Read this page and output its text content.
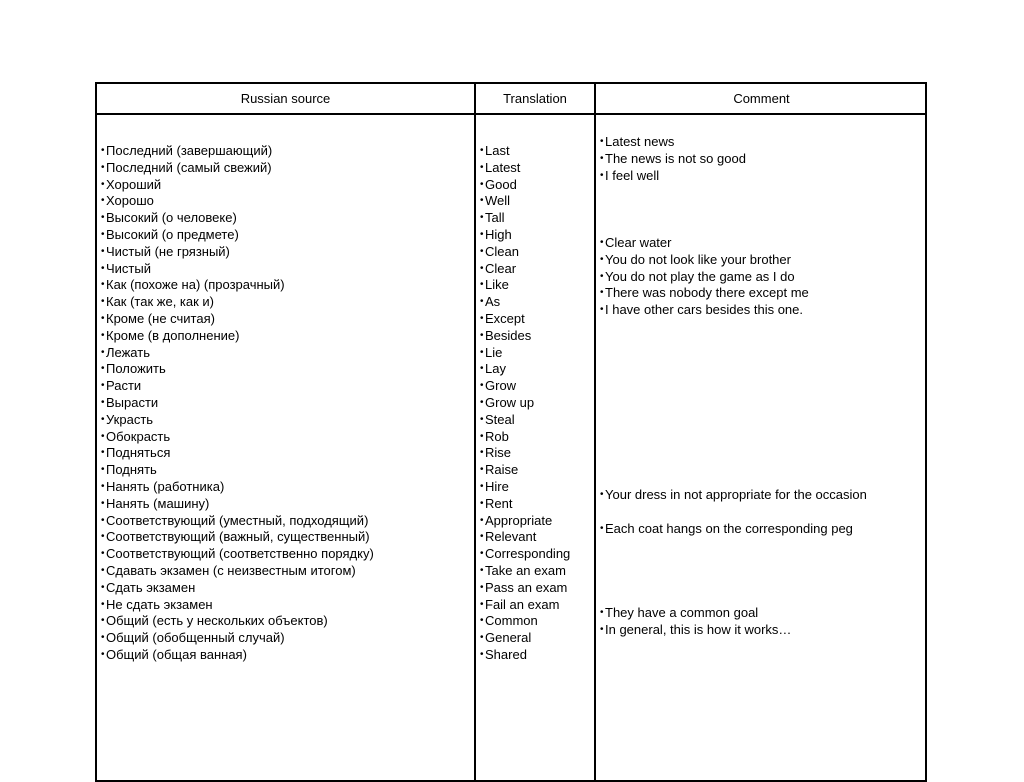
Russian source	Translation	Comment
•Последний (завершающий)
•Последний (самый свежий)
•Хороший
•Хорошо
•Высокий (о человеке)
•Высокий (о предмете)
•Чистый (не грязный)
•Чистый
•Как (похоже на) (прозрачный)
•Как (так же, как и)
•Кроме (не считая)
•Кроме (в дополнение)
•Лежать
•Положить
•Расти
•Вырасти
•Украсть
•Обокрасть
•Подняться
•Поднять
•Нанять (работника)
•Нанять (машину)
•Соответствующий (уместный, подходящий)
•Соответствующий (важный, существенный)
•Соответствующий (соответственно порядку)
•Сдавать экзамен (с неизвестным итогом)
•Сдать экзамен
•Не сдать экзамен
•Общий (есть у нескольких объектов)
•Общий (обобщенный случай)
•Общий (общая ванная)
•Last
•Latest
•Good
•Well
•Tall
•High
•Clean
•Clear
•Like
•As
•Except
•Besides
•Lie
•Lay
•Grow
•Grow up
•Steal
•Rob
•Rise
•Raise
•Hire
•Rent
•Appropriate
•Relevant
•Corresponding
•Take an exam
•Pass an exam
•Fail an exam
•Common
•General
•Shared
•Latest news
•The news is not so good
•I feel well
•Clear water
•You do not look like your brother
•You do not play the game as I do
•There was nobody there except me
•I have other cars besides this one.
•Your dress in not appropriate for the occasion
•Each coat hangs on the corresponding peg
•They have a common goal
•In general, this is how it works…
